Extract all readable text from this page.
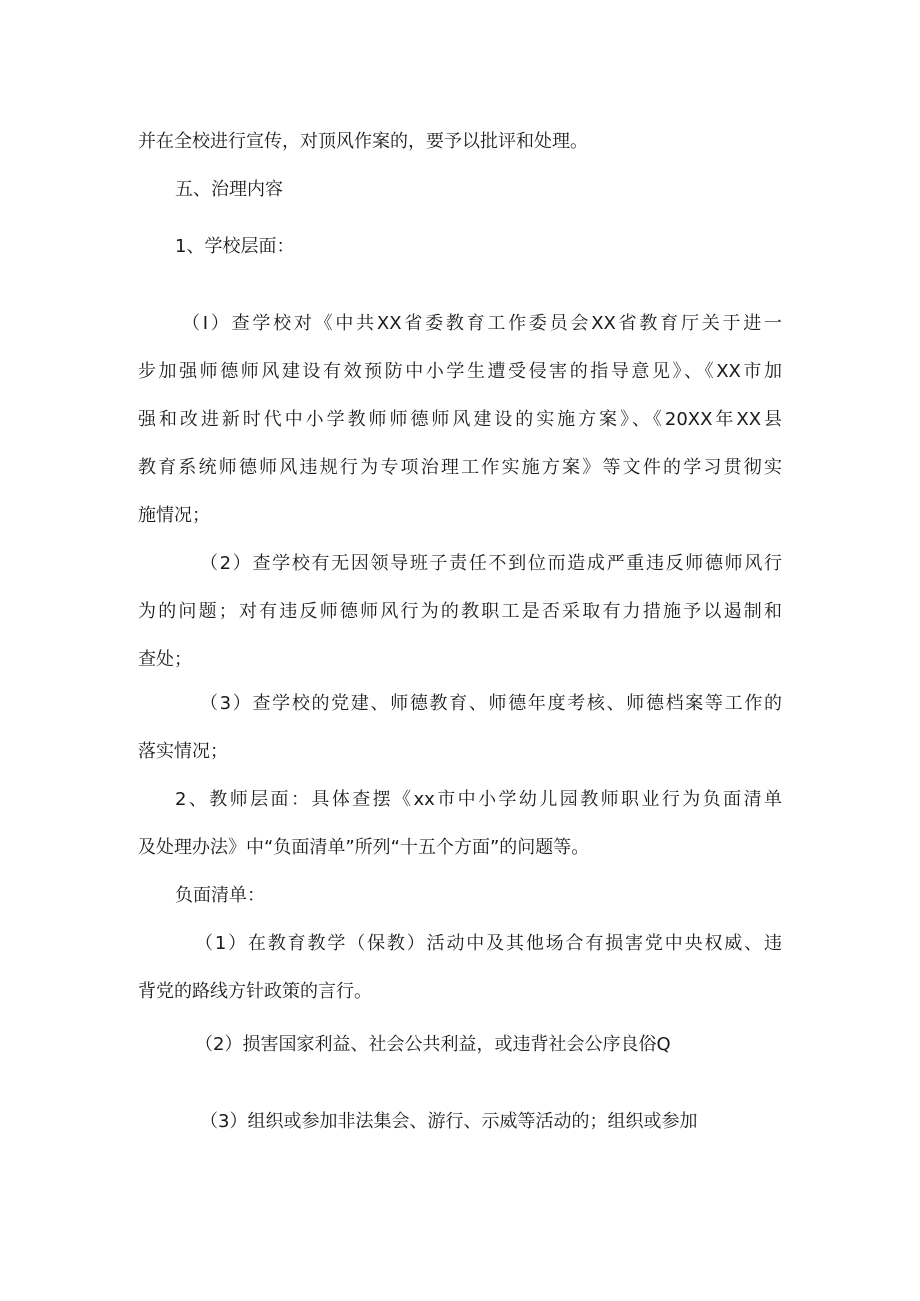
并在全校进行宣传，对顶风作案的，要予以批评和处理。
五、治理内容
1、学校层面：
（I）查学校对《中共XX省委教育工作委员会XX省教育厅关于进一
步加强师德师风建设有效预防中小学生遭受侵害的指导意见》、《XX市加
强和改进新时代中小学教师师德师风建设的实施方案》、《20XX年XX县
教育系统师德师风违规行为专项治理工作实施方案》等文件的学习贯彻实
施情况；
（2）查学校有无因领导班子责任不到位而造成严重违反师德师风行
为的问题；对有违反师德师风行为的教职工是否采取有力措施予以遏制和
查处；
（3）查学校的党建、师德教育、师德年度考核、师德档案等工作的
落实情况；
2、教师层面：具体查摆《xx市中小学幼儿园教师职业行为负面清单
及处理办法》中“负面清单”所列“十五个方面”的问题等。
负面清单：
（1）在教育教学（保教）活动中及其他场合有损害党中央权威、违
背党的路线方针政策的言行。
（2）损害国家利益、社会公共利益，或违背社会公序良俗Q
（3）组织或参加非法集会、游行、示威等活动的；组织或参加
